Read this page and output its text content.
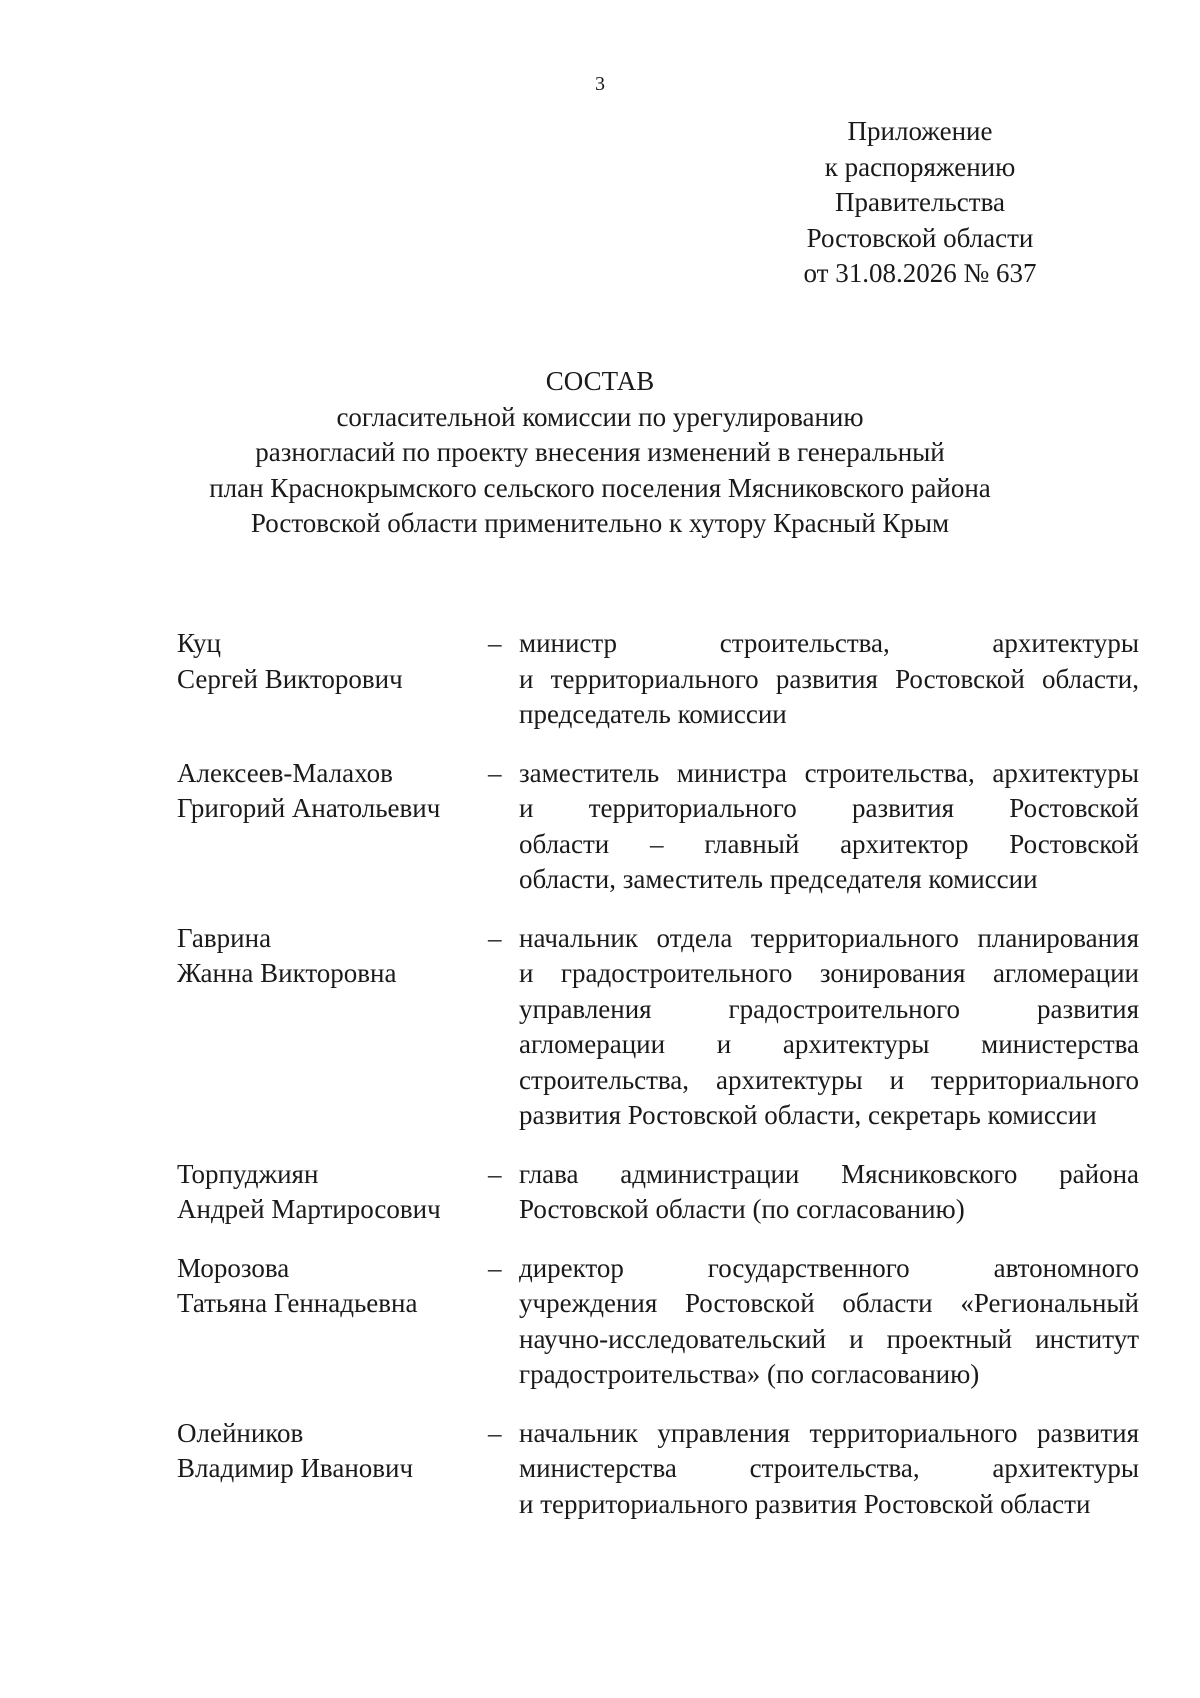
3
Приложение
к распоряжению
Правительства
Ростовской области
от 31.08.2026 № 637
СОСТАВ
согласительной комиссии по урегулированию
разногласий по проекту внесения изменений в генеральный
план Краснокрымского сельского поселения Мясниковского района
Ростовской области применительно к хутору Красный Крым
Куц
Сергей Викторович
– министр строительства, архитектуры
и территориального развития Ростовской области,
председатель комиссии
Алексеев-Малахов
Григорий Анатольевич
– заместитель министра строительства, архитектуры
и территориального развития Ростовской
области – главный архитектор Ростовской
области, заместитель председателя комиссии
Гаврина
Жанна Викторовна
– начальник отдела территориального планирования
и градостроительного зонирования агломерации
управления градостроительного развития
агломерации и архитектуры министерства
строительства, архитектуры и территориального
развития Ростовской области, секретарь комиссии
Торпуджиян
Андрей Мартиросович
– глава администрации Мясниковского района
Ростовской области (по согласованию)
Морозова
Татьяна Геннадьевна
– директор государственного автономного
учреждения Ростовской области «Региональный
научно-исследовательский и проектный институт
градостроительства» (по согласованию)
Олейников
Владимир Иванович
– начальник управления территориального развития
министерства строительства, архитектуры
и территориального развития Ростовской области
